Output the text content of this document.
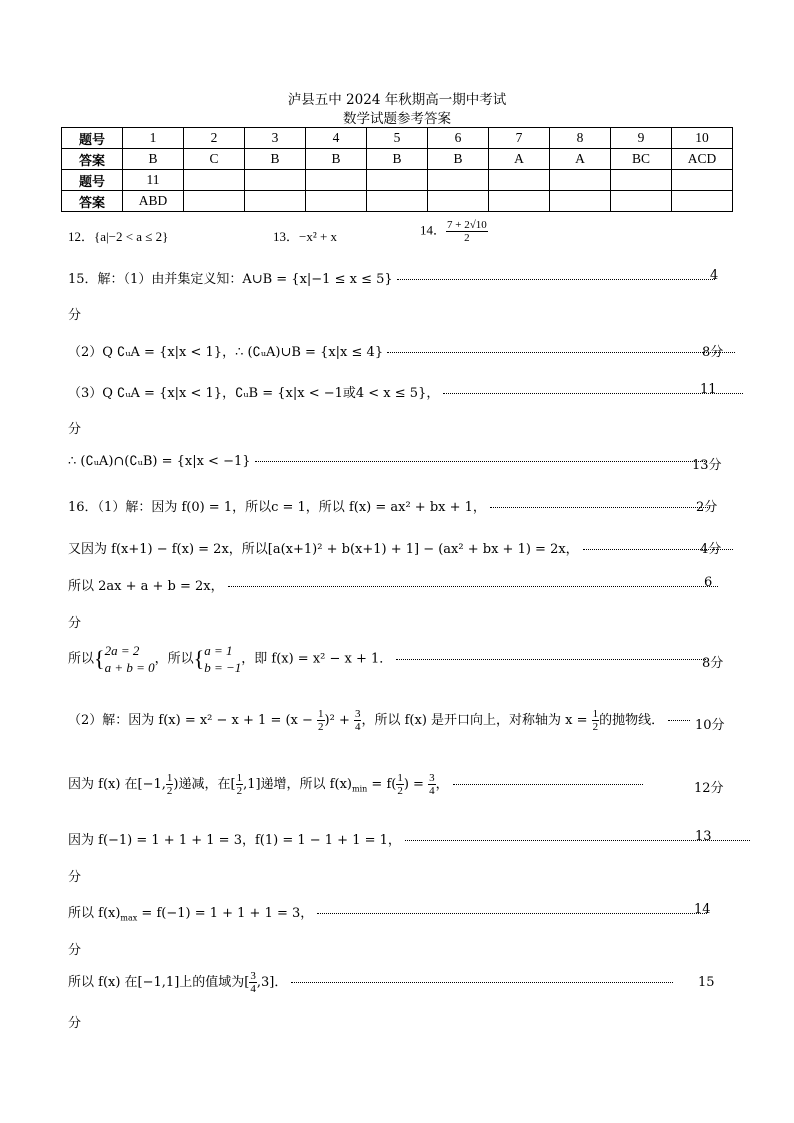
泸县五中 2024 年秋期高一期中考试
数学试题参考答案
题号	1	2	3	4	5	6	7	8	9	10
答案	B	C	B	B	B	B	A	A	BC	ACD
题号	11									
答案	ABD									
12．{a|−2 < a ≤ 2}	13．−x² + x	14． $\frac{7 + 2√10}{2}$
15．解：（1）由并集定义知：A∪B = {x|−1 ≤ x ≤ 5}	4
分
（2）Q ∁ᵤA = {x|x < 1}，∴ (∁ᵤA)∪B = {x|x ≤ 4}	8分
（3）Q ∁ᵤA = {x|x < 1}，∁ᵤB = {x|x < −1或4 < x ≤ 5}，	11
分
∴ (∁ᵤA)∩(∁ᵤB) = {x|x < −1}	13分
16．（1）解：因为 f(0) = 1，所以c = 1，所以 f(x) = ax² + bx + 1，	2分
又因为 f(x+1) − f(x) = 2x，所以[a(x+1)² + b(x+1) + 1] − (ax² + bx + 1) = 2x，	4分
所以 2ax + a + b = 2x，	6
分
所以{ 2a = 2
a + b = 0
，所以{ a = 1
b = −1
，即 f(x) = x² − x + 1．	8分
（2）解：因为 $f(x) = x^2 - x + 1 = (x - \frac{1}{2} )^2 + \frac{3}{4}$ ，所以 f(x) 是开口向上，对称轴为 $x = \frac{1}{2}$ 的抛物线．	10分
因为 f(x) 在[−1, $\frac{1}{2}$ )递减，在[ $\frac{1}{2} ,1$]递增，所以 $f(x)_{min} = f( \frac{1}{2}$ ) = $\frac{3}{4}$ ，	12分
因为 f(−1) = 1 + 1 + 1 = 3，f(1) = 1 − 1 + 1 = 1，	13
分
所以 $f(x)_{max} = f(-1) = 1 + 1 + 1 = 3$，	14
分
所以 f(x) 在[−1,1]上的值域为[ $\frac{3}{4} ,3$]．	15
分
